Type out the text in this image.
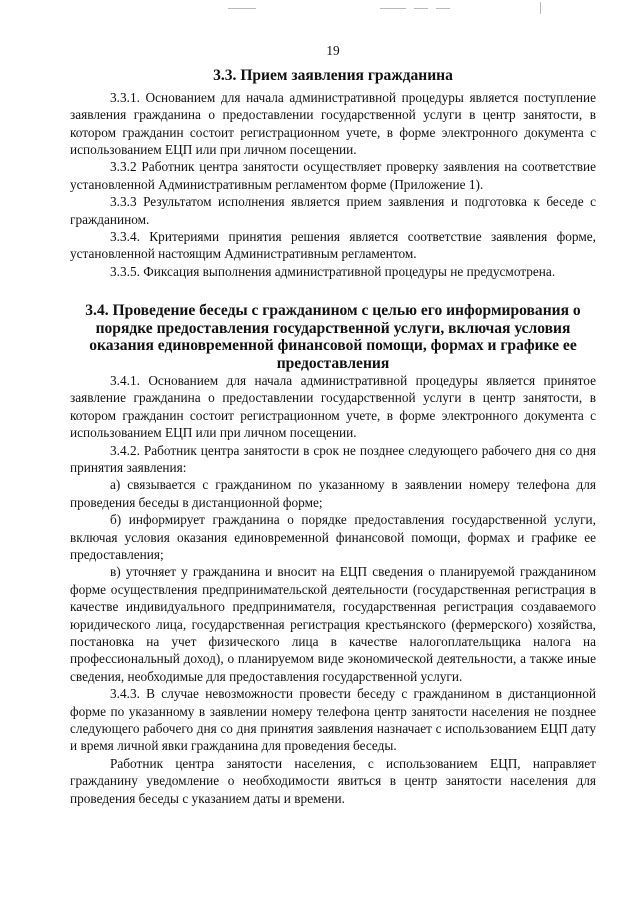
19
3.3. Прием заявления гражданина

3.3.1. Основанием для начала административной процедуры является поступление заявления гражданина о предоставлении государственной услуги в центр занятости, в котором гражданин состоит регистрационном учете, в форме электронного документа с использованием ЕЦП или при личном посещении.

3.3.2 Работник центра занятости осуществляет проверку заявления на соответствие установленной Административным регламентом форме (Приложение 1).

3.3.3 Результатом исполнения является прием заявления и подготовка к беседе с гражданином.

3.3.4. Критериями принятия решения является соответствие заявления форме, установленной настоящим Административным регламентом.

3.3.5. Фиксация выполнения административной процедуры не предусмотрена.

3.4. Проведение беседы с гражданином с целью его информирования о порядке предоставления государственной услуги, включая условия оказания единовременной финансовой помощи, формах и графике ее предоставления

3.4.1. Основанием для начала административной процедуры является принятое заявление гражданина о предоставлении государственной услуги в центр занятости, в котором гражданин состоит регистрационном учете, в форме электронного документа с использованием ЕЦП или при личном посещении.

3.4.2. Работник центра занятости в срок не позднее следующего рабочего дня со дня принятия заявления:

а) связывается с гражданином по указанному в заявлении номеру телефона для проведения беседы в дистанционной форме;

б) информирует гражданина о порядке предоставления государственной услуги, включая условия оказания единовременной финансовой помощи, формах и графике ее предоставления;

в) уточняет у гражданина и вносит на ЕЦП сведения о планируемой гражданином форме осуществления предпринимательской деятельности (государственная регистрация в качестве индивидуального предпринимателя, государственная регистрация создаваемого юридического лица, государственная регистрация крестьянского (фермерского) хозяйства, постановка на учет физического лица в качестве налогоплательщика налога на профессиональный доход), о планируемом виде экономической деятельности, а также иные сведения, необходимые для предоставления государственной услуги.

3.4.3. В случае невозможности провести беседу с гражданином в дистанционной форме по указанному в заявлении номеру телефона центр занятости населения не позднее следующего рабочего дня со дня принятия заявления назначает с использованием ЕЦП дату и время личной явки гражданина для проведения беседы.

Работник центра занятости населения, с использованием ЕЦП, направляет гражданину уведомление о необходимости явиться в центр занятости населения для проведения беседы с указанием даты и времени.
